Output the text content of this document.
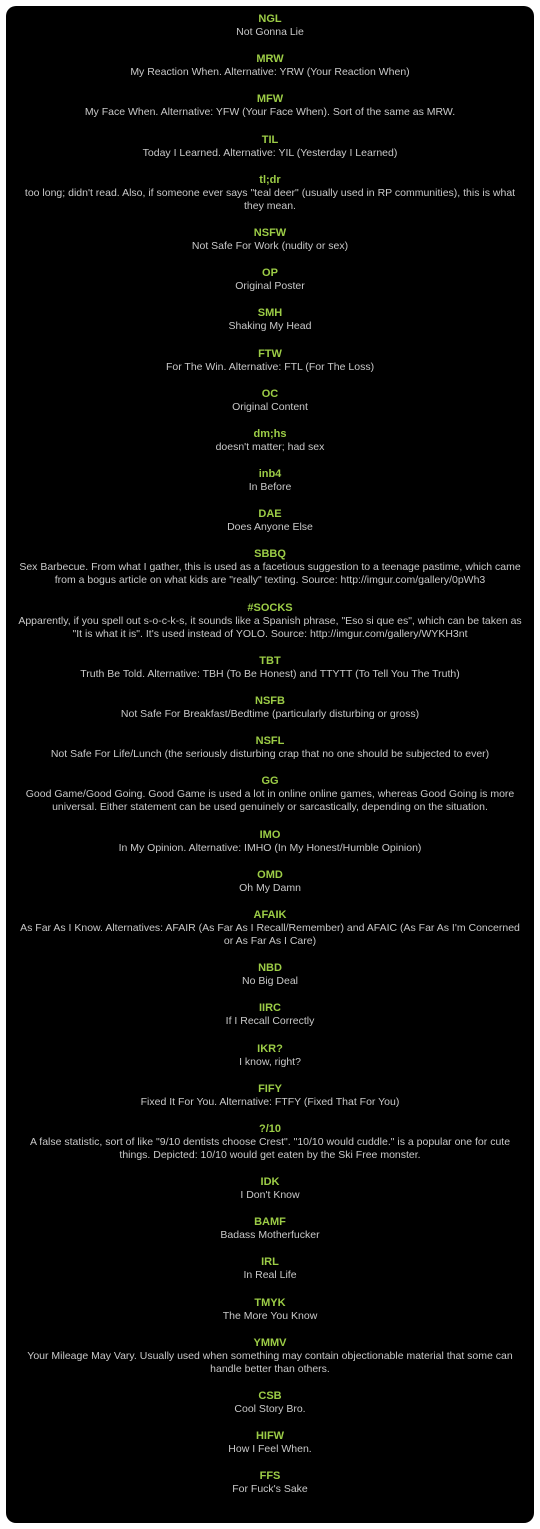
NGL
Not Gonna Lie
MRW
My Reaction When. Alternative: YRW (Your Reaction When)
MFW
My Face When. Alternative: YFW (Your Face When). Sort of the same as MRW.
TIL
Today I Learned. Alternative: YIL (Yesterday I Learned)
tl;dr
too long; didn't read. Also, if someone ever says "teal deer" (usually used in RP communities), this is what they mean.
NSFW
Not Safe For Work (nudity or sex)
OP
Original Poster
SMH
Shaking My Head
FTW
For The Win. Alternative: FTL (For The Loss)
OC
Original Content
dm;hs
doesn't matter; had sex
inb4
In Before
DAE
Does Anyone Else
SBBQ
Sex Barbecue. From what I gather, this is used as a facetious suggestion to a teenage pastime, which came from a bogus article on what kids are "really" texting. Source: http://imgur.com/gallery/0pWh3
#SOCKS
Apparently, if you spell out s-o-c-k-s, it sounds like a Spanish phrase, "Eso si que es", which can be taken as "It is what it is". It's used instead of YOLO. Source: http://imgur.com/gallery/WYKH3nt
TBT
Truth Be Told. Alternative: TBH (To Be Honest) and TTYTT (To Tell You The Truth)
NSFB
Not Safe For Breakfast/Bedtime (particularly disturbing or gross)
NSFL
Not Safe For Life/Lunch (the seriously disturbing crap that no one should be subjected to ever)
GG
Good Game/Good Going. Good Game is used a lot in online online games, whereas Good Going is more universal. Either statement can be used genuinely or sarcastically, depending on the situation.
IMO
In My Opinion. Alternative: IMHO (In My Honest/Humble Opinion)
OMD
Oh My Damn
AFAIK
As Far As I Know. Alternatives: AFAIR (As Far As I Recall/Remember) and AFAIC (As Far As I'm Concerned or As Far As I Care)
NBD
No Big Deal
IIRC
If I Recall Correctly
IKR?
I know, right?
FIFY
Fixed It For You. Alternative: FTFY (Fixed That For You)
?/10
A false statistic, sort of like "9/10 dentists choose Crest". "10/10 would cuddle." is a popular one for cute things. Depicted: 10/10 would get eaten by the Ski Free monster.
IDK
I Don't Know
BAMF
Badass Motherfucker
IRL
In Real Life
TMYK
The More You Know
YMMV
Your Mileage May Vary. Usually used when something may contain objectionable material that some can handle better than others.
CSB
Cool Story Bro.
HIFW
How I Feel When.
FFS
For Fuck's Sake
